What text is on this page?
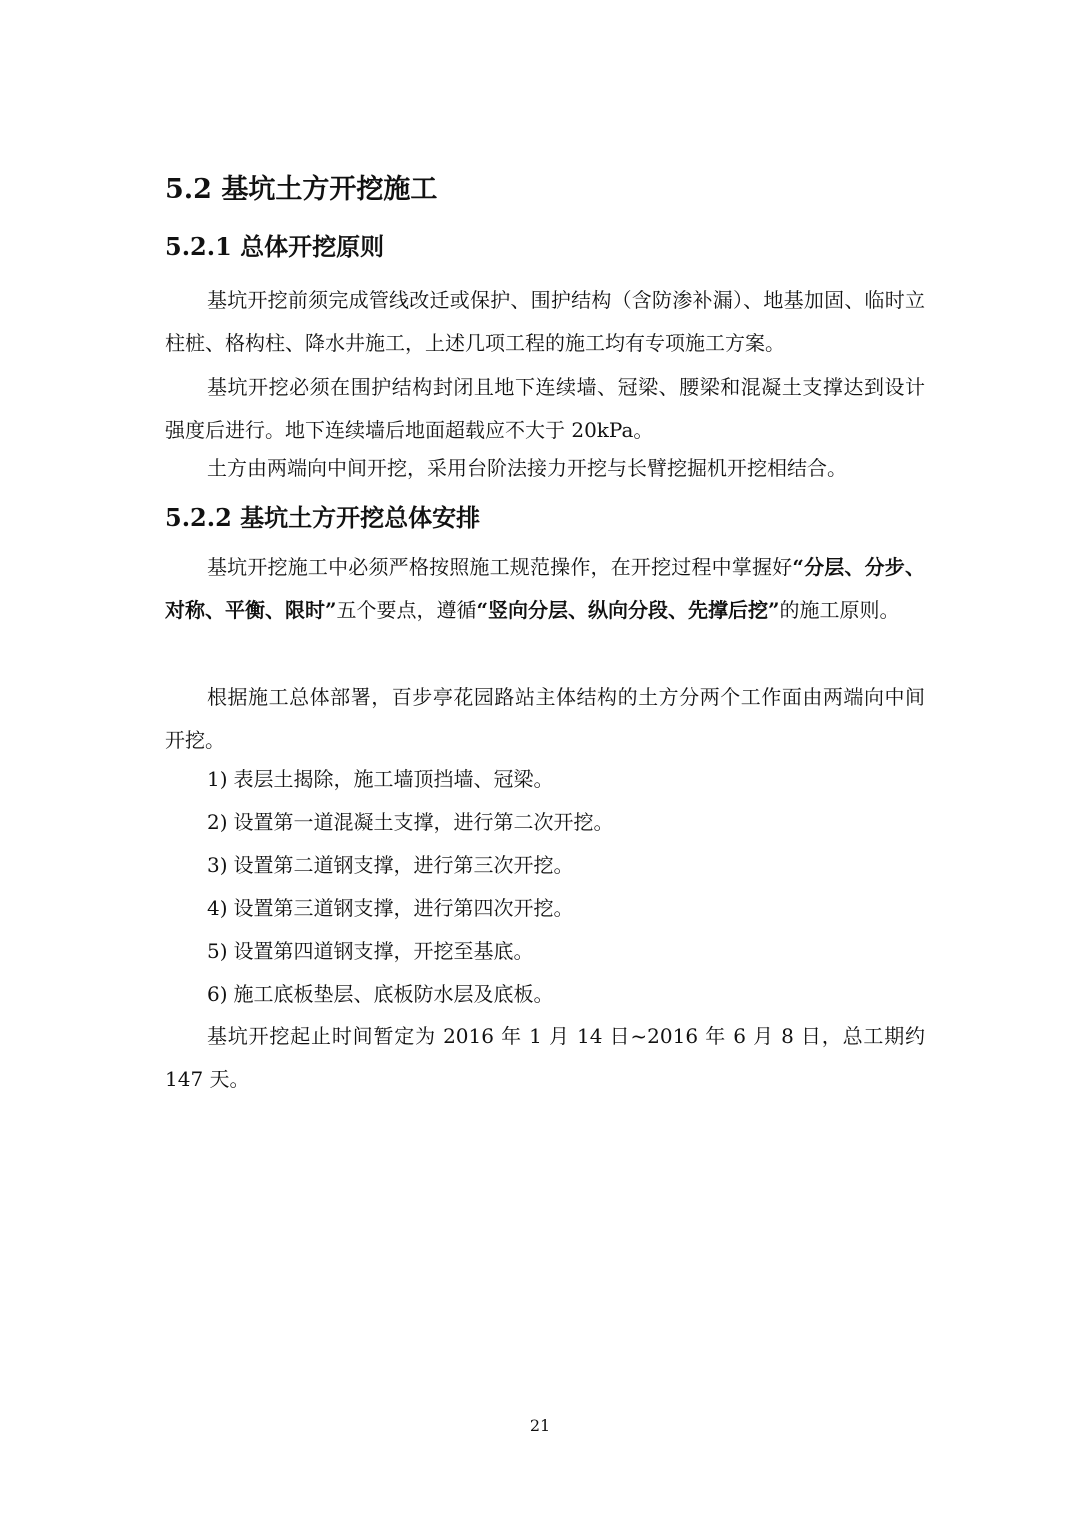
5.2 基坑土方开挖施工
5.2.1 总体开挖原则

基坑开挖前须完成管线改迁或保护、围护结构（含防渗补漏）、地基加固、临时立柱桩、格构柱、降水井施工，上述几项工程的施工均有专项施工方案。

基坑开挖必须在围护结构封闭且地下连续墙、冠梁、腰梁和混凝土支撑达到设计强度后进行。地下连续墙后地面超载应不大于 20kPa。

土方由两端向中间开挖，采用台阶法接力开挖与长臂挖掘机开挖相结合。

5.2.2 基坑土方开挖总体安排

基坑开挖施工中必须严格按照施工规范操作，在开挖过程中掌握好“分层、分步、对称、平衡、限时”五个要点，遵循“竖向分层、纵向分段、先撑后挖”的施工原则。

根据施工总体部署，百步亭花园路站主体结构的土方分两个工作面由两端向中间开挖。

1) 表层土揭除，施工墙顶挡墙、冠梁。
2) 设置第一道混凝土支撑，进行第二次开挖。
3) 设置第二道钢支撑，进行第三次开挖。
4) 设置第三道钢支撑，进行第四次开挖。
5) 设置第四道钢支撑，开挖至基底。
6) 施工底板垫层、底板防水层及底板。

基坑开挖起止时间暂定为 2016 年 1 月 14 日~2016 年 6 月 8 日，总工期约 147 天。

21
